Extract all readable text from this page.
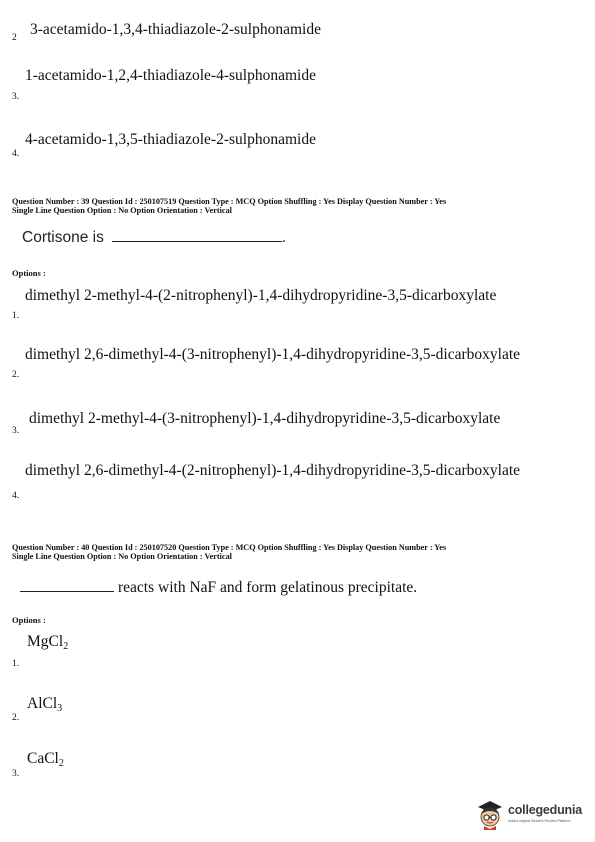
2 3-acetamido-1,3,4-thiadiazole-2-sulphonamide
1-acetamido-1,2,4-thiadiazole-4-sulphonamide
3.
4-acetamido-1,3,5-thiadiazole-2-sulphonamide
4.
Question Number : 39 Question Id : 250107519 Question Type : MCQ Option Shuffling : Yes Display Question Number : Yes
Single Line Question Option : No Option Orientation : Vertical
Cortisone is	.
Options :
dimethyl 2-methyl-4-(2-nitrophenyl)-1,4-dihydropyridine-3,5-dicarboxylate
1.
dimethyl 2,6-dimethyl-4-(3-nitrophenyl)-1,4-dihydropyridine-3,5-dicarboxylate
2.
dimethyl 2-methyl-4-(3-nitrophenyl)-1,4-dihydropyridine-3,5-dicarboxylate
3.
dimethyl 2,6-dimethyl-4-(2-nitrophenyl)-1,4-dihydropyridine-3,5-dicarboxylate
4.
Question Number : 40 Question Id : 250107520 Question Type : MCQ Option Shuffling : Yes Display Question Number : Yes
Single Line Question Option : No Option Orientation : Vertical
reacts with NaF and form gelatinous precipitate.
Options :
MgCl$_2$
1.
AlCl$_3$
2.
CaCl$_2$
3.
collegedunia
India's largest Student Review Platform
